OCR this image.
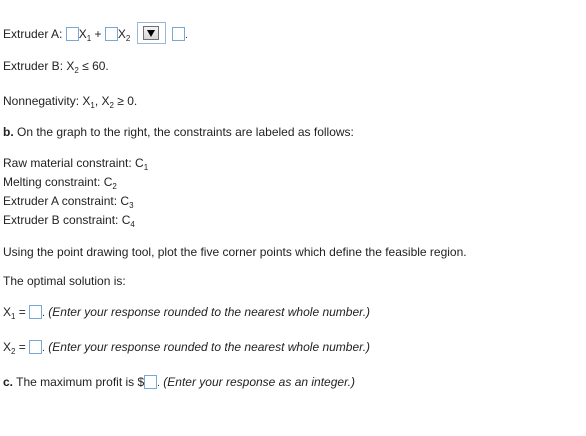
Extruder A: $X_1 + X_2$	.
Extruder B: $X_2 \le 60$.
Nonnegativity: $X_1$, $X_2 \ge 0$.
b. On the graph to the right, the constraints are labeled as follows:
Raw material constraint: $C_1$
Melting constraint: $C_2$
Extruder A constraint: $C_3$
Extruder B constraint: $C_4$
Using the point drawing tool, plot the five corner points which define the feasible region.
The optimal solution is:
$X_1$ = . (Enter your response rounded to the nearest whole number.)
$X_2$ = . (Enter your response rounded to the nearest whole number.)
c. The maximum profit is $ . (Enter your response as an integer.)
